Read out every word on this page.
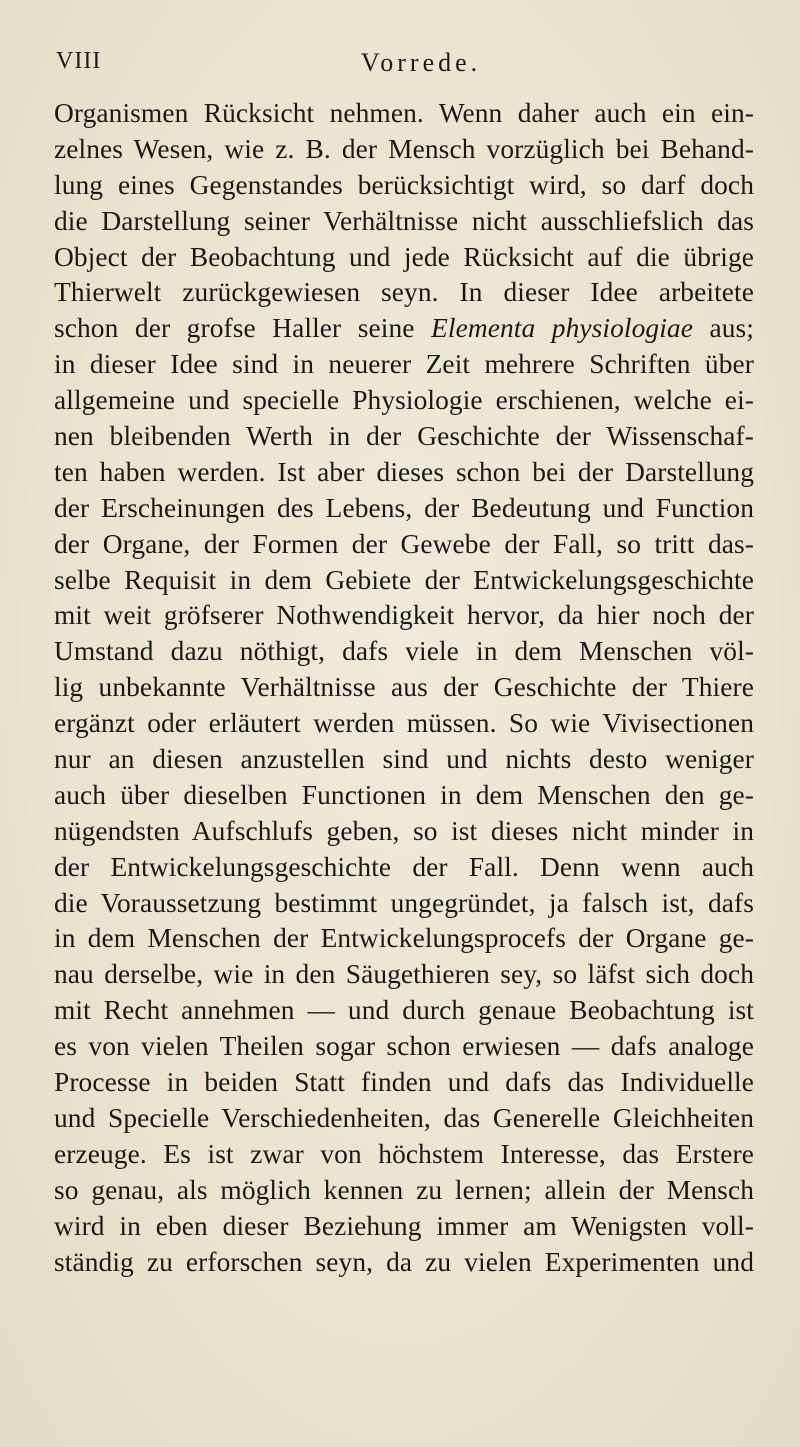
VIII	Vorrede.
Organismen Rücksicht nehmen. Wenn daher auch ein ein-
zelnes Wesen, wie z. B. der Mensch vorzüglich bei Behand-
lung eines Gegenstandes berücksichtigt wird, so darf doch
die Darstellung seiner Verhältnisse nicht ausschliefslich das
Object der Beobachtung und jede Rücksicht auf die übrige
Thierwelt zurückgewiesen seyn. In dieser Idee arbeitete
schon der grofse Haller seine Elementa physiologiae aus;
in dieser Idee sind in neuerer Zeit mehrere Schriften über
allgemeine und specielle Physiologie erschienen, welche ei-
nen bleibenden Werth in der Geschichte der Wissenschaf-
ten haben werden. Ist aber dieses schon bei der Darstellung
der Erscheinungen des Lebens, der Bedeutung und Function
der Organe, der Formen der Gewebe der Fall, so tritt das-
selbe Requisit in dem Gebiete der Entwickelungsgeschichte
mit weit gröfserer Nothwendigkeit hervor, da hier noch der
Umstand dazu nöthigt, dafs viele in dem Menschen völ-
lig unbekannte Verhältnisse aus der Geschichte der Thiere
ergänzt oder erläutert werden müssen. So wie Vivisectionen
nur an diesen anzustellen sind und nichts desto weniger
auch über dieselben Functionen in dem Menschen den ge-
nügendsten Aufschlufs geben, so ist dieses nicht minder in
der Entwickelungsgeschichte der Fall. Denn wenn auch
die Voraussetzung bestimmt ungegründet, ja falsch ist, dafs
in dem Menschen der Entwickelungsprocefs der Organe ge-
nau derselbe, wie in den Säugethieren sey, so läfst sich doch
mit Recht annehmen — und durch genaue Beobachtung ist
es von vielen Theilen sogar schon erwiesen — dafs analoge
Processe in beiden Statt finden und dafs das Individuelle
und Specielle Verschiedenheiten, das Generelle Gleichheiten
erzeuge. Es ist zwar von höchstem Interesse, das Erstere
so genau, als möglich kennen zu lernen; allein der Mensch
wird in eben dieser Beziehung immer am Wenigsten voll-
ständig zu erforschen seyn, da zu vielen Experimenten und
